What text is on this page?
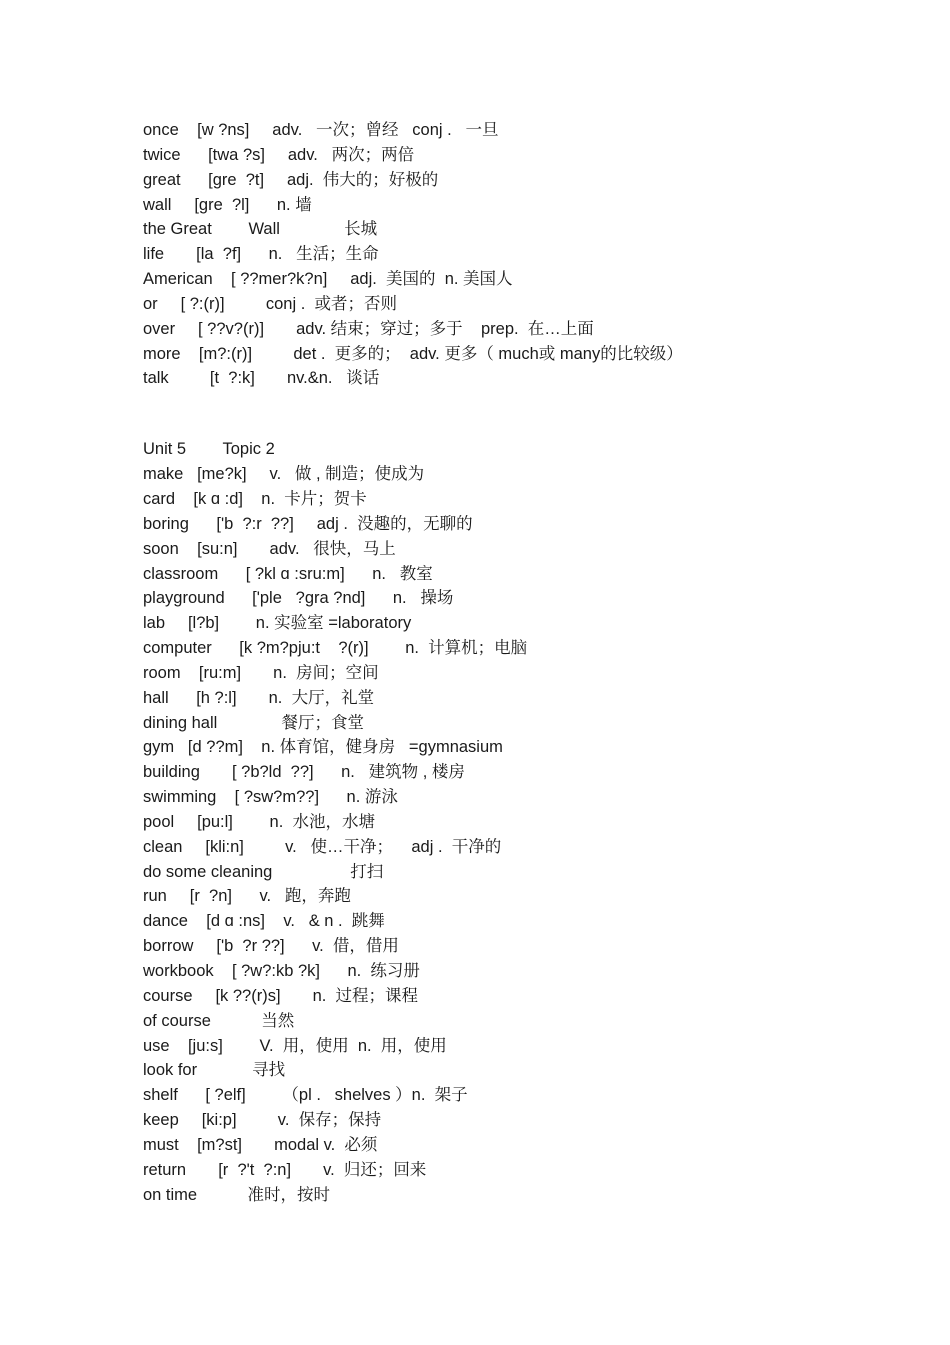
once    [w ?ns]     adv.   一次；曾经   conj .   一旦
twice      [twa ?s]     adv.   两次；两倍
great      [gre  ?t]     adj.  伟大的；好极的
wall     [gre  ?l]      n. 墙
the Great        Wall              长城
life       [la  ?f]      n.   生活；生命
American    [ ??mer?k?n]     adj.  美国的  n. 美国人
or     [ ?:(r)]         conj .  或者；否则
over     [ ??v?(r)]       adv. 结束；穿过；多于    prep.  在…上面
more    [m?:(r)]         det .  更多的；  adv. 更多（ much或 many的比较级）
talk         [t  ?:k]       nv.&n.   谈话
Unit 5        Topic 2
make   [me?k]     v.   做 , 制造；使成为
card    [k ɑ :d]    n.  卡片；贺卡
boring      ['b  ?:r  ??]     adj .  没趣的，无聊的
soon    [su:n]       adv.   很快，马上
classroom      [ ?kl ɑ :sru:m]      n.   教室
playground      ['ple   ?gra ?nd]      n.   操场
lab     [l?b]        n. 实验室 =laboratory
computer      [k ?m?pju:t    ?(r)]        n.  计算机；电脑
room    [ru:m]       n.  房间；空间
hall      [h ?:l]       n.  大厅，礼堂
dining hall              餐厅；食堂
gym   [d ??m]    n. 体育馆，健身房   =gymnasium
building       [ ?b?ld  ??]      n.   建筑物 , 楼房
swimming    [ ?sw?m??]      n. 游泳
pool     [pu:l]        n.  水池，水塘
clean     [kli:n]         v.   使…干净；    adj .  干净的
do some cleaning                 打扫
run     [r  ?n]      v.   跑，奔跑
dance    [d ɑ :ns]    v.   & n .  跳舞
borrow     ['b  ?r ??]      v.  借，借用
workbook    [ ?w?:kb ?k]      n.  练习册
course     [k ??(r)s]       n.  过程；课程
of course           当然
use    [ju:s]        V.  用，使用  n.  用，使用
look for            寻找
shelf      [ ?elf]        （pl .   shelves ）n.  架子
keep     [ki:p]         v.  保存；保持
must    [m?st]       modal v.  必须
return       [r  ?'t  ?:n]       v.  归还；回来
on time           准时，按时
